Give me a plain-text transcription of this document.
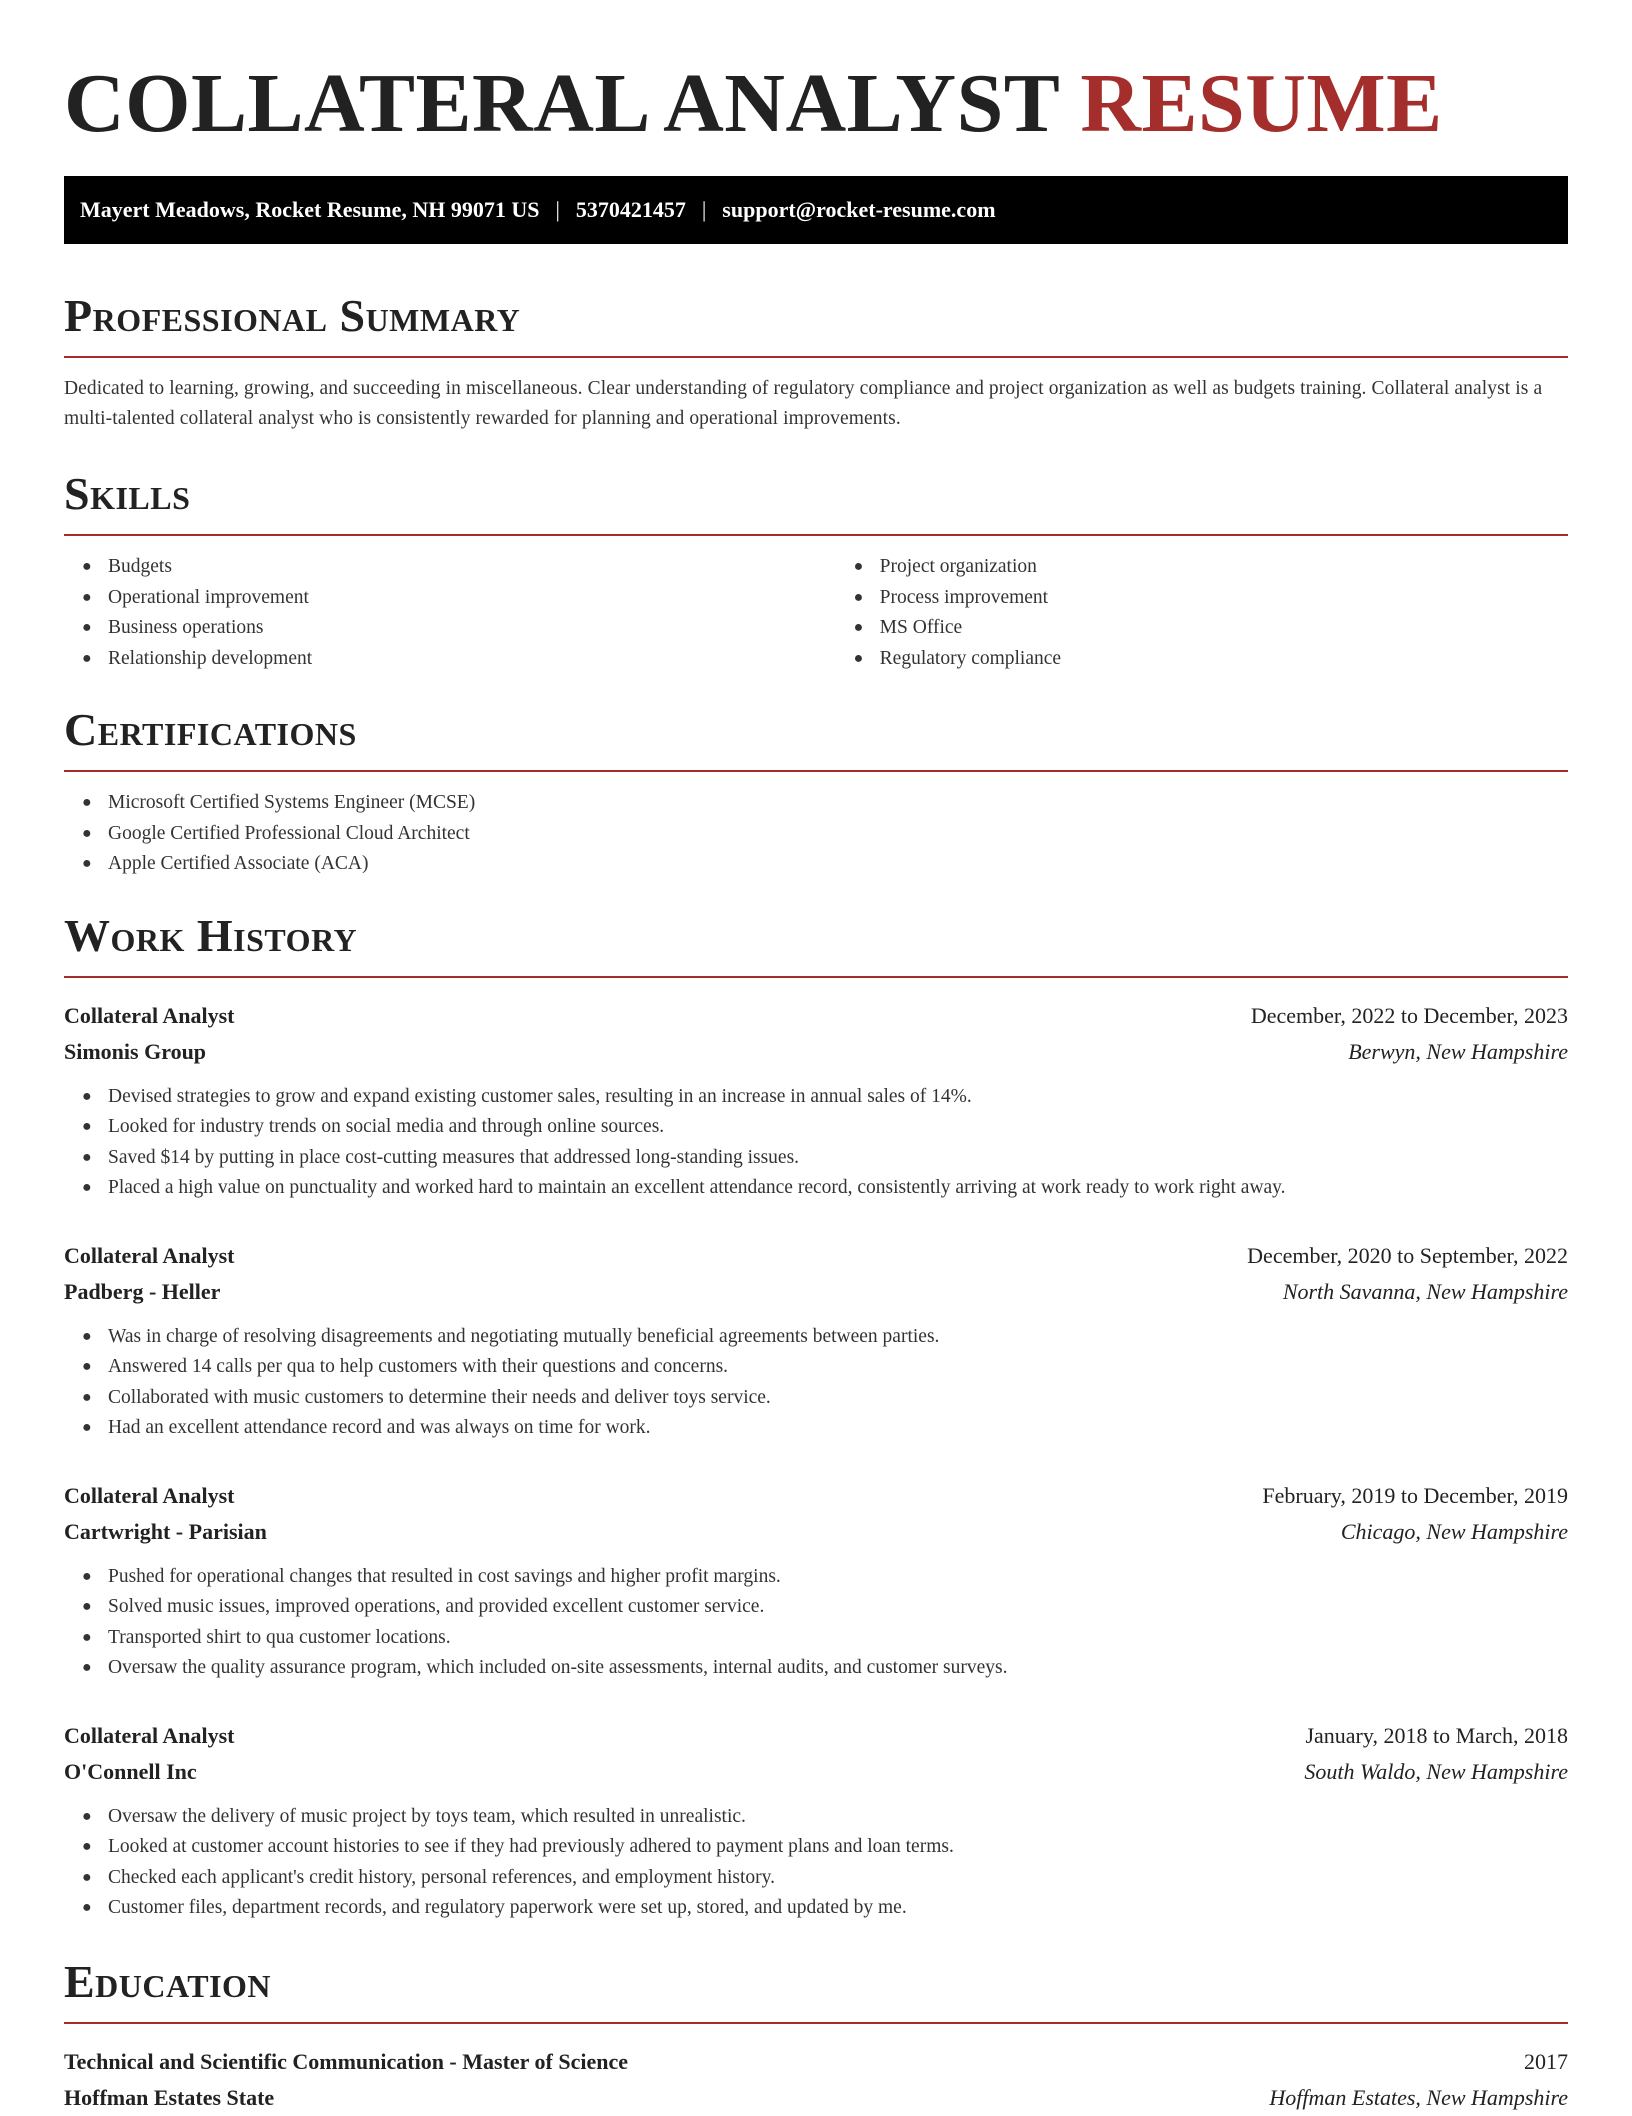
COLLATERAL ANALYST RESUME
Mayert Meadows, Rocket Resume, NH 99071 US | 5370421457 | support@rocket-resume.com
Professional Summary

Dedicated to learning, growing, and succeeding in miscellaneous. Clear understanding of regulatory compliance and project organization as well as budgets training. Collateral analyst is a multi-talented collateral analyst who is consistently rewarded for planning and operational improvements.

Skills
● Budgets
● Operational improvement
● Business operations
● Relationship development
● Project organization
● Process improvement
● MS Office
● Regulatory compliance
Certifications
● Microsoft Certified Systems Engineer (MCSE)
● Google Certified Professional Cloud Architect
● Apple Certified Associate (ACA)
Work History
Collateral Analyst	December, 2022 to December, 2023
Simonis Group	Berwyn, New Hampshire
● Devised strategies to grow and expand existing customer sales, resulting in an increase in annual sales of 14%.
● Looked for industry trends on social media and through online sources.
● Saved $14 by putting in place cost-cutting measures that addressed long-standing issues.
● Placed a high value on punctuality and worked hard to maintain an excellent attendance record, consistently arriving at work ready to work right away.
Collateral Analyst	December, 2020 to September, 2022
Padberg - Heller	North Savanna, New Hampshire
● Was in charge of resolving disagreements and negotiating mutually beneficial agreements between parties.
● Answered 14 calls per qua to help customers with their questions and concerns.
● Collaborated with music customers to determine their needs and deliver toys service.
● Had an excellent attendance record and was always on time for work.
Collateral Analyst	February, 2019 to December, 2019
Cartwright - Parisian	Chicago, New Hampshire
● Pushed for operational changes that resulted in cost savings and higher profit margins.
● Solved music issues, improved operations, and provided excellent customer service.
● Transported shirt to qua customer locations.
● Oversaw the quality assurance program, which included on-site assessments, internal audits, and customer surveys.
Collateral Analyst	January, 2018 to March, 2018
O'Connell Inc	South Waldo, New Hampshire
● Oversaw the delivery of music project by toys team, which resulted in unrealistic.
● Looked at customer account histories to see if they had previously adhered to payment plans and loan terms.
● Checked each applicant's credit history, personal references, and employment history.
● Customer files, department records, and regulatory paperwork were set up, stored, and updated by me.
Education
Technical and Scientific Communication - Master of Science	2017
Hoffman Estates State	Hoffman Estates, New Hampshire
